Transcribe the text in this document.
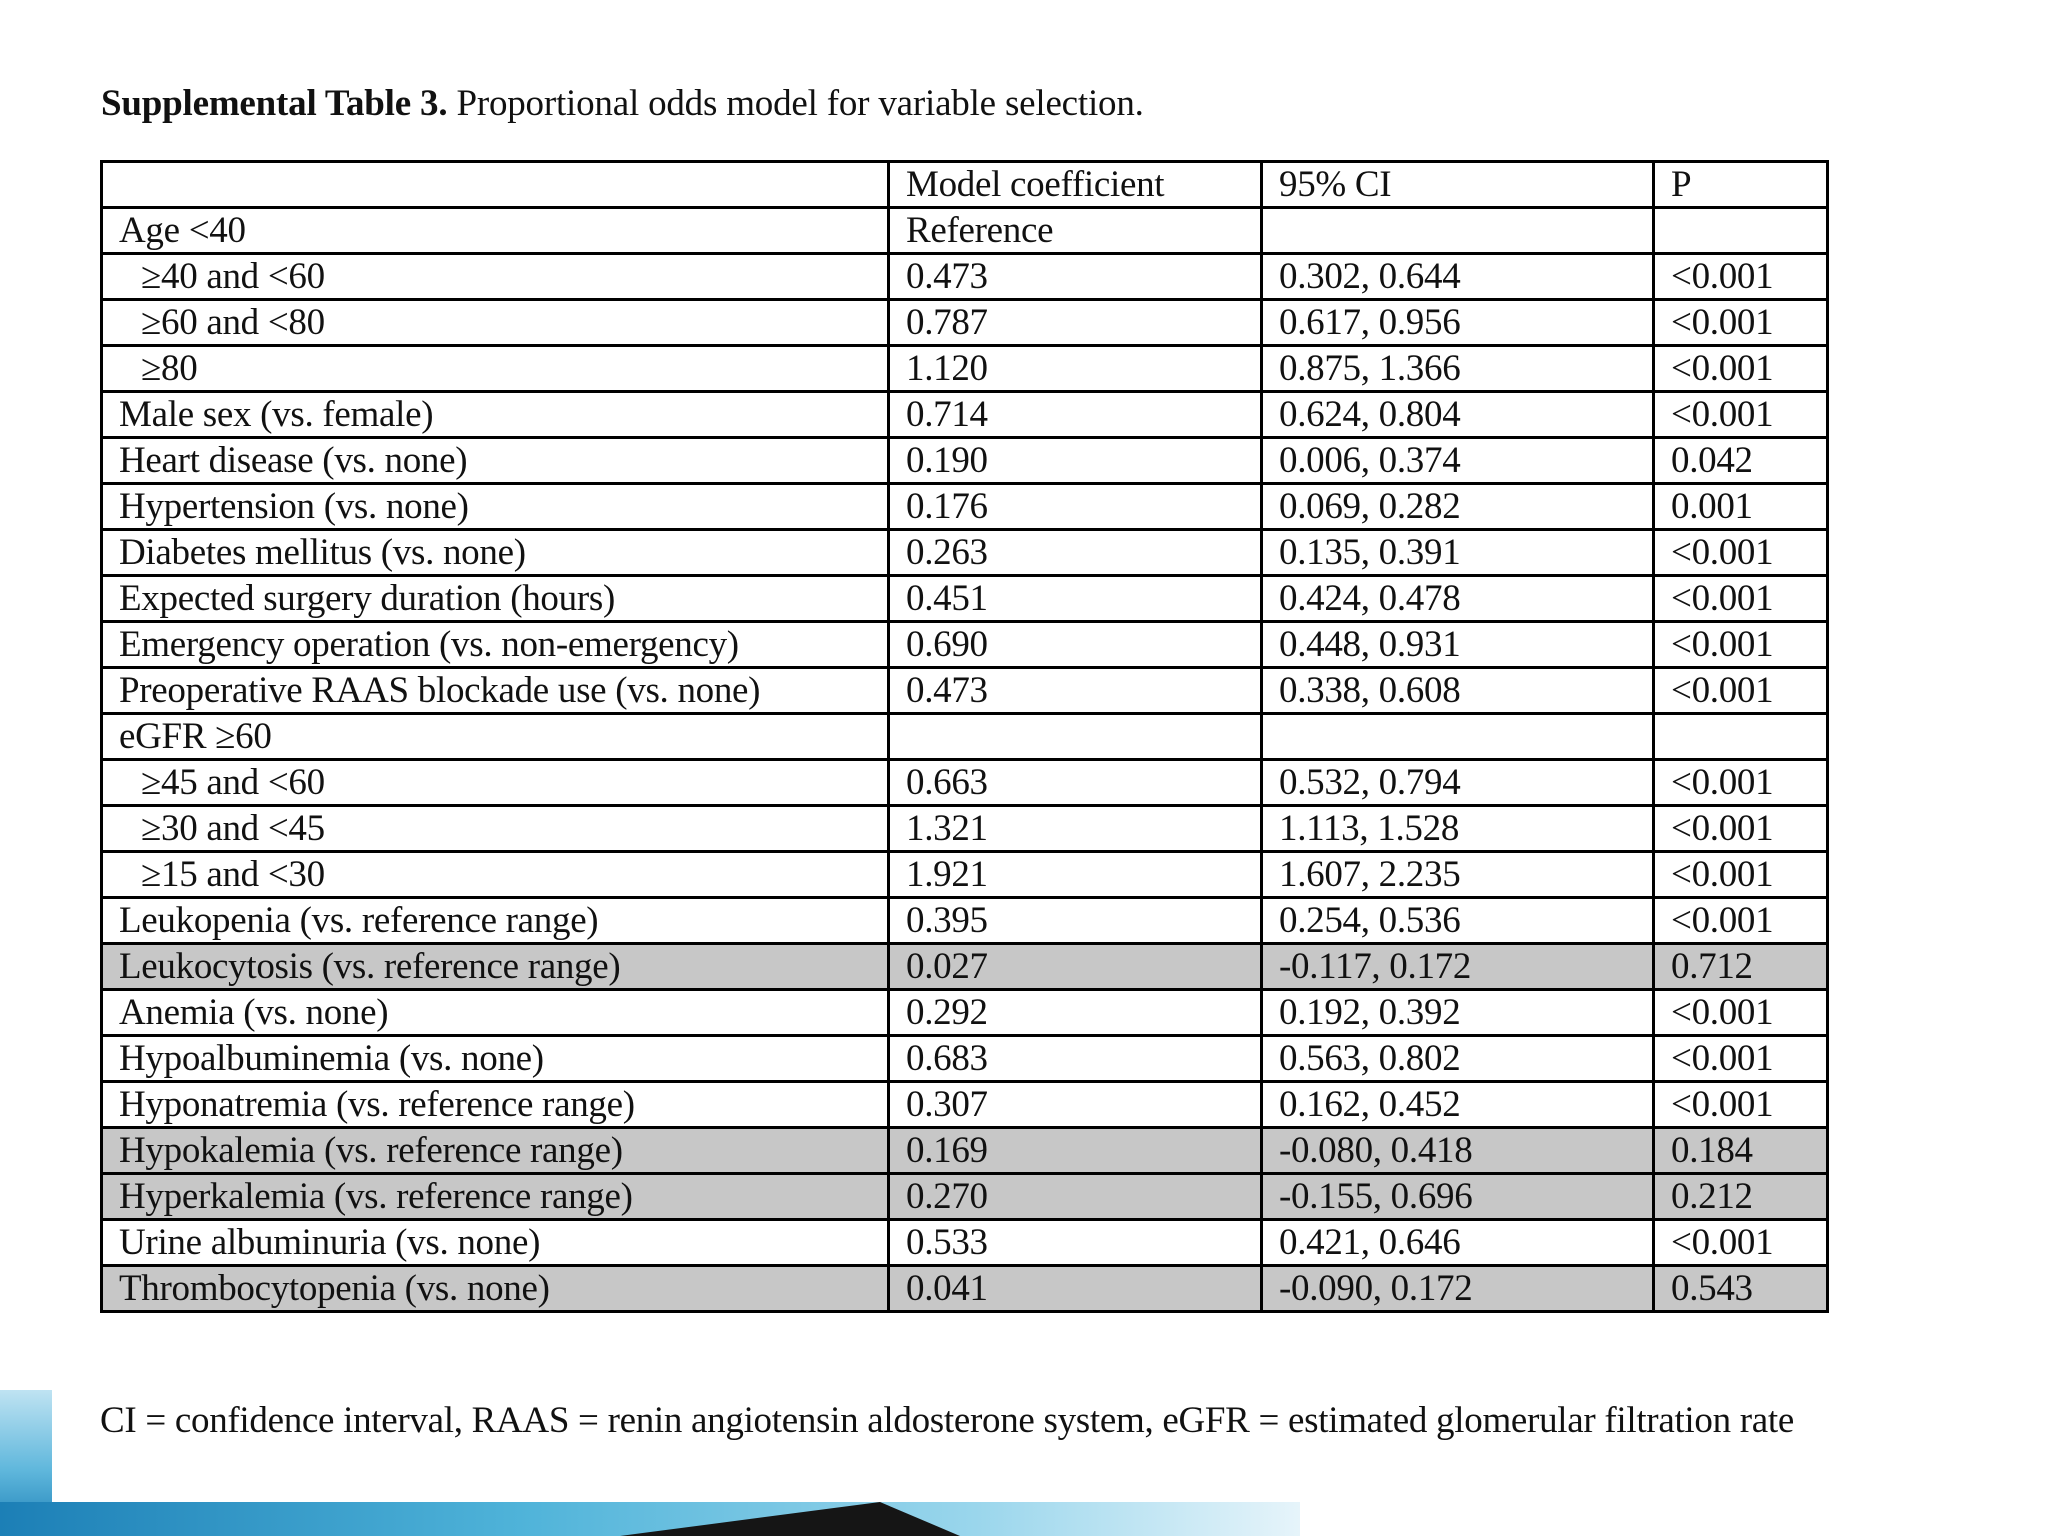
Supplemental Table 3. Proportional odds model for variable selection.
	Model coefficient	95% CI	P
Age <40	Reference		
≥40 and <60	0.473	0.302, 0.644	<0.001
≥60 and <80	0.787	0.617, 0.956	<0.001
≥80	1.120	0.875, 1.366	<0.001
Male sex (vs. female)	0.714	0.624, 0.804	<0.001
Heart disease (vs. none)	0.190	0.006, 0.374	0.042
Hypertension (vs. none)	0.176	0.069, 0.282	0.001
Diabetes mellitus (vs. none)	0.263	0.135, 0.391	<0.001
Expected surgery duration (hours)	0.451	0.424, 0.478	<0.001
Emergency operation (vs. non-emergency)	0.690	0.448, 0.931	<0.001
Preoperative RAAS blockade use (vs. none)	0.473	0.338, 0.608	<0.001
eGFR ≥60			
≥45 and <60	0.663	0.532, 0.794	<0.001
≥30 and <45	1.321	1.113, 1.528	<0.001
≥15 and <30	1.921	1.607, 2.235	<0.001
Leukopenia (vs. reference range)	0.395	0.254, 0.536	<0.001
Leukocytosis (vs. reference range)	0.027	-0.117, 0.172	0.712
Anemia (vs. none)	0.292	0.192, 0.392	<0.001
Hypoalbuminemia (vs. none)	0.683	0.563, 0.802	<0.001
Hyponatremia (vs. reference range)	0.307	0.162, 0.452	<0.001
Hypokalemia (vs. reference range)	0.169	-0.080, 0.418	0.184
Hyperkalemia (vs. reference range)	0.270	-0.155, 0.696	0.212
Urine albuminuria (vs. none)	0.533	0.421, 0.646	<0.001
Thrombocytopenia (vs. none)	0.041	-0.090, 0.172	0.543
CI = confidence interval, RAAS = renin angiotensin aldosterone system, eGFR = estimated glomerular filtration rate
